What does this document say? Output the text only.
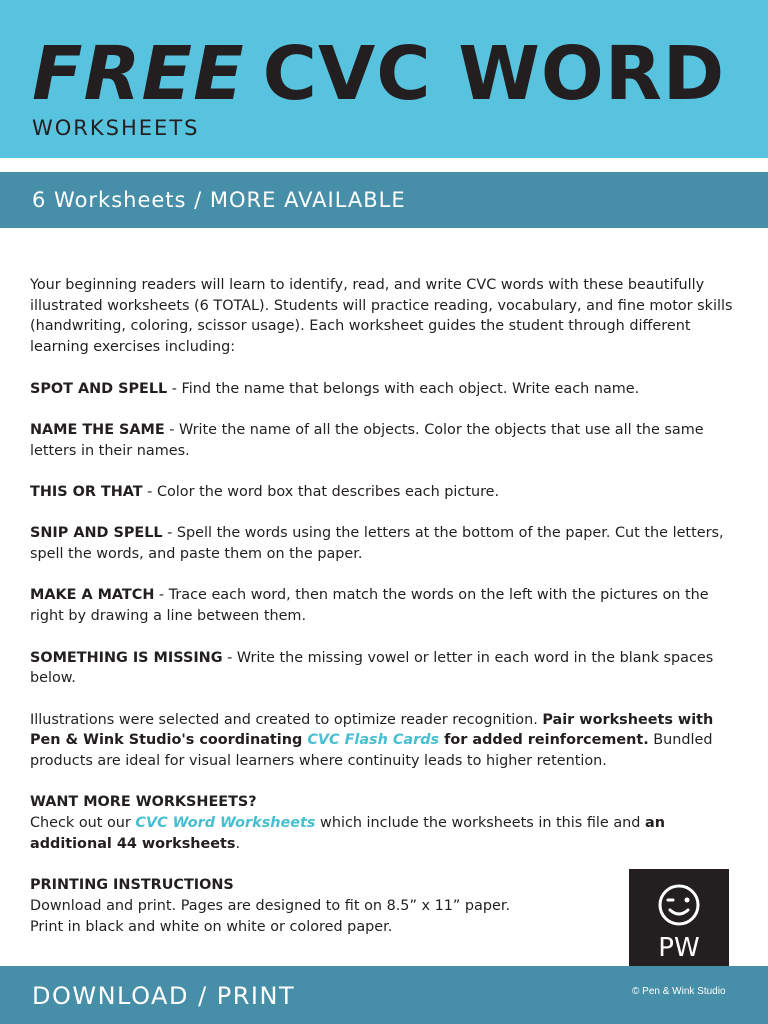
FREE CVC WORD
WORKSHEETS
6 Worksheets / MORE AVAILABLE

Your beginning readers will learn to identify, read, and write CVC words with these beautifully illustrated worksheets (6 TOTAL). Students will practice reading, vocabulary, and fine motor skills (handwriting, coloring, scissor usage). Each worksheet guides the student through different learning exercises including:

SPOT AND SPELL - Find the name that belongs with each object. Write each name.

NAME THE SAME - Write the name of all the objects. Color the objects that use all the same letters in their names.

THIS OR THAT - Color the word box that describes each picture.

SNIP AND SPELL - Spell the words using the letters at the bottom of the paper. Cut the letters, spell the words, and paste them on the paper.

MAKE A MATCH - Trace each word, then match the words on the left with the pictures on the right by drawing a line between them.

SOMETHING IS MISSING - Write the missing vowel or letter in each word in the blank spaces below.

Illustrations were selected and created to optimize reader recognition. Pair worksheets with Pen & Wink Studio's coordinating CVC Flash Cards for added reinforcement. Bundled products are ideal for visual learners where continuity leads to higher retention.

WANT MORE WORKSHEETS?
Check out our CVC Word Worksheets which include the worksheets in this file and an additional 44 worksheets.

PRINTING INSTRUCTIONS
Download and print. Pages are designed to fit on 8.5” x 11” paper.
Print in black and white on white or colored paper.

PW
DOWNLOAD / PRINT	© Pen & Wink Studio
